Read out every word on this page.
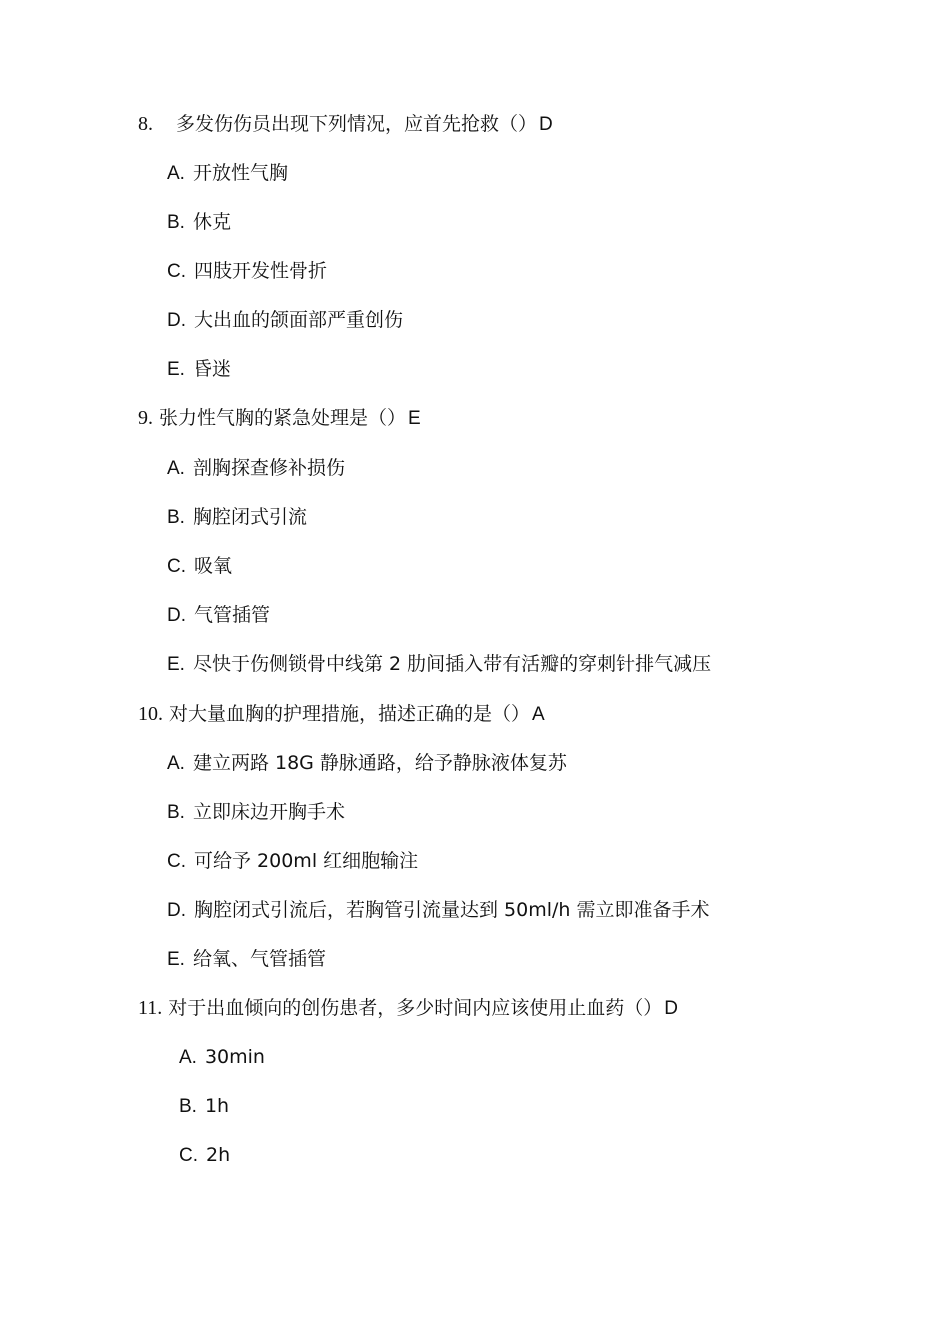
8. 多发伤伤员出现下列情况，应首先抢救（） D
A. 开放性气胸
B. 休克
C. 四肢开发性骨折
D. 大出血的颌面部严重创伤
E. 昏迷
9. 张力性气胸的紧急处理是（） E
A. 剖胸探查修补损伤
B. 胸腔闭式引流
C. 吸氧
D. 气管插管
E. 尽快于伤侧锁骨中线第 2 肋间插入带有活瓣的穿刺针排气减压
10. 对大量血胸的护理措施，描述正确的是（） A
A. 建立两路 18G 静脉通路，给予静脉液体复苏
B. 立即床边开胸手术
C. 可给予 200ml 红细胞输注
D. 胸腔闭式引流后，若胸管引流量达到 50ml/h 需立即准备手术
E. 给氧、气管插管
11. 对于出血倾向的创伤患者，多少时间内应该使用止血药（） D
A. 30min
B. 1h
C. 2h
